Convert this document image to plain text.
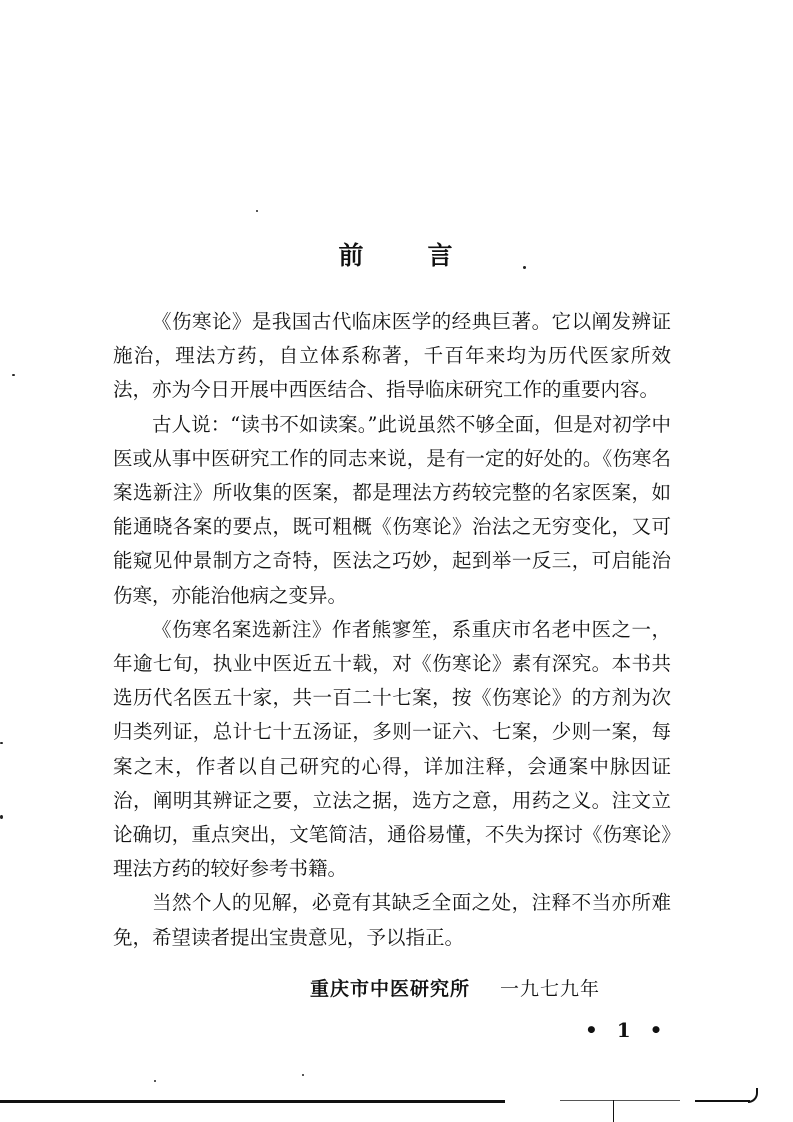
前 言

《伤寒论》是我国古代临床医学的经典巨著。它以阐发辨证施治，理法方药，自立体系称著，千百年来均为历代医家所效法，亦为今日开展中西医结合、指导临床研究工作的重要内容。

古人说：“读书不如读案。”此说虽然不够全面，但是对初学中医或从事中医研究工作的同志来说，是有一定的好处的。《伤寒名案选新注》所收集的医案，都是理法方药较完整的名家医案，如能通晓各案的要点，既可粗概《伤寒论》治法之无穷变化，又可能窥见仲景制方之奇特，医法之巧妙，起到举一反三，可启能治伤寒，亦能治他病之变异。

《伤寒名案选新注》作者熊寥笙，系重庆市名老中医之一，年逾七旬，执业中医近五十载，对《伤寒论》素有深究。本书共选历代名医五十家，共一百二十七案，按《伤寒论》的方剂为次归类列证，总计七十五汤证，多则一证六、七案，少则一案，每案之末，作者以自己研究的心得，详加注释，会通案中脉因证治，阐明其辨证之要，立法之据，选方之意，用药之义。注文立论确切，重点突出，文笔简洁，通俗易懂，不失为探讨《伤寒论》理法方药的较好参考书籍。

当然个人的见解，必竟有其缺乏全面之处，注释不当亦所难免，希望读者提出宝贵意见，予以指正。

重庆市中医研究所 一九七九年
• 1 •
